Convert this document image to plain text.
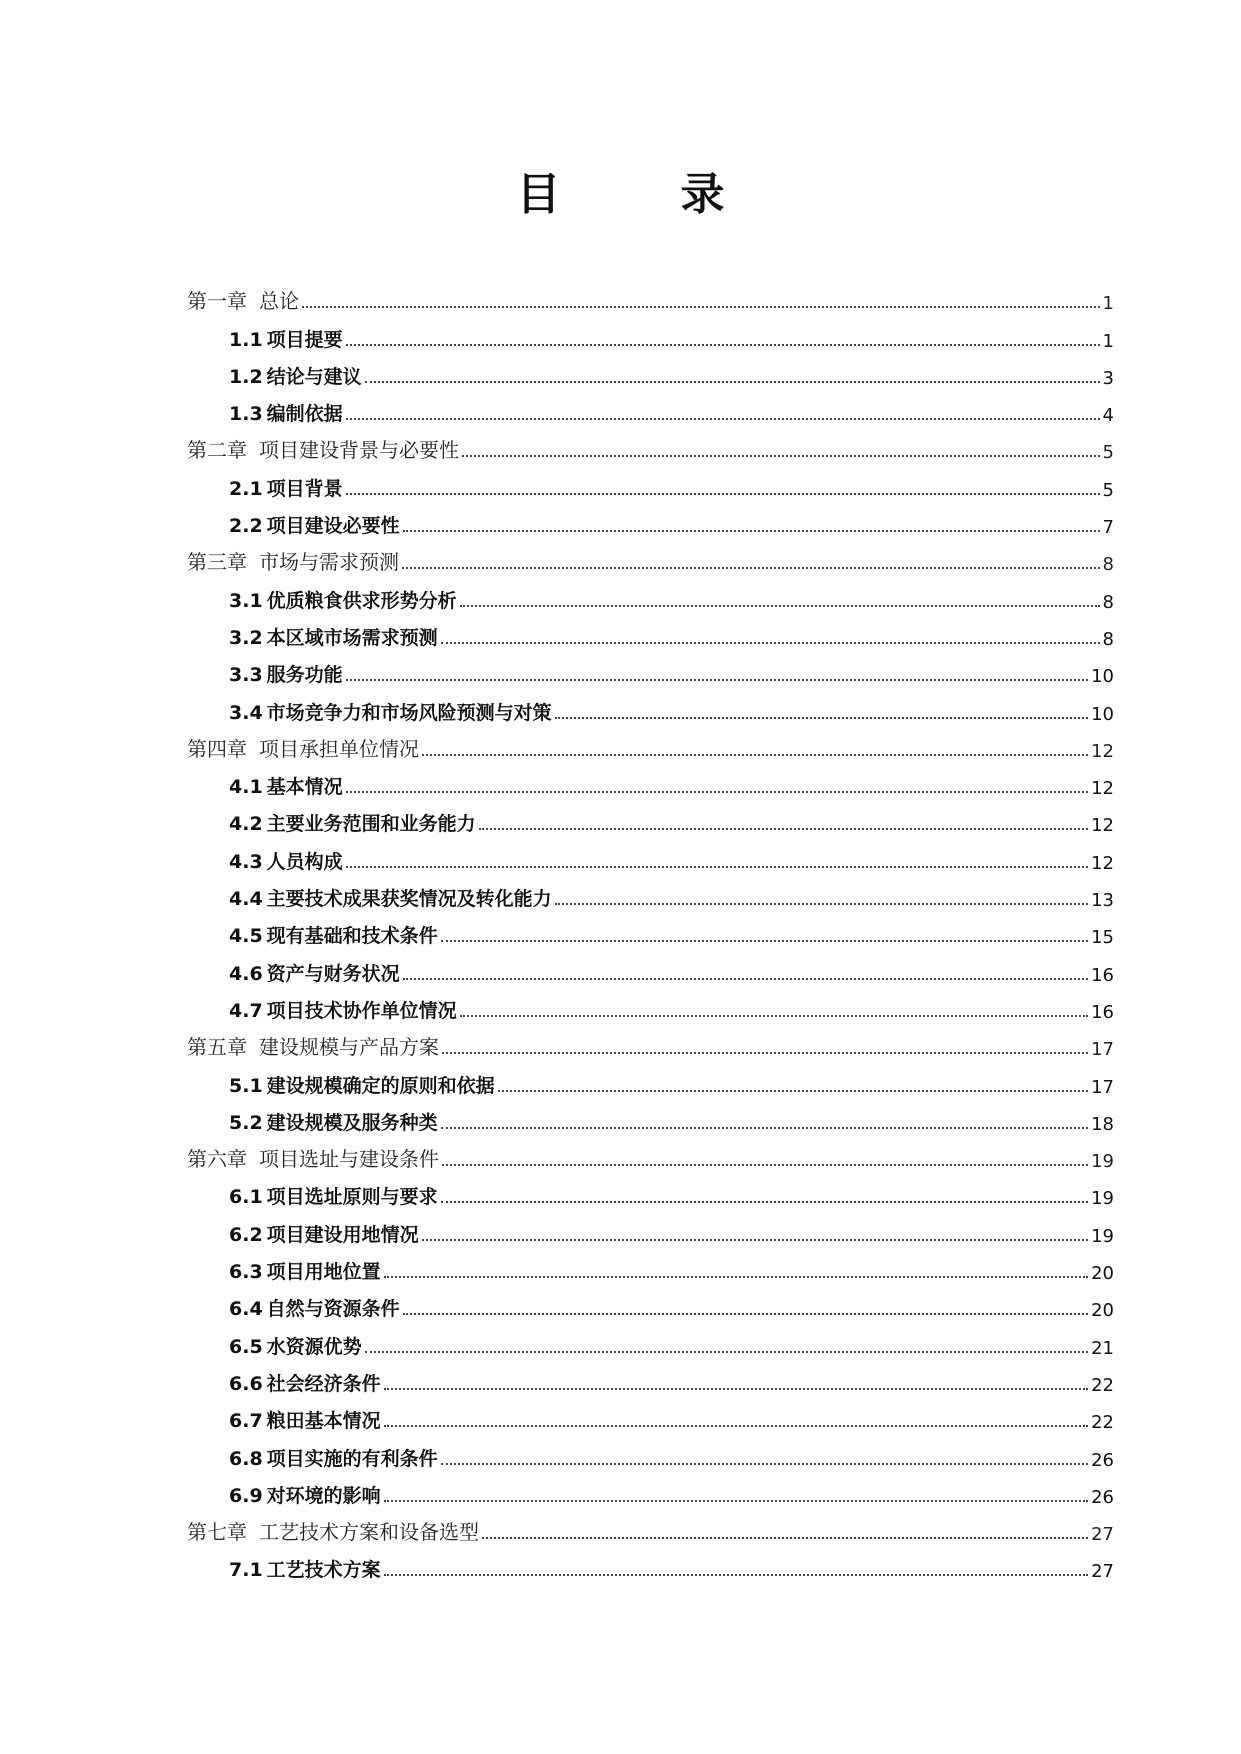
目	录
第一章 总论	1
1.1 项目提要	1
1.2 结论与建议	3
1.3 编制依据	4
第二章 项目建设背景与必要性	5
2.1 项目背景	5
2.2 项目建设必要性	7
第三章 市场与需求预测	8
3.1 优质粮食供求形势分析	8
3.2 本区域市场需求预测	8
3.3 服务功能	10
3.4 市场竞争力和市场风险预测与对策	10
第四章 项目承担单位情况	12
4.1 基本情况	12
4.2 主要业务范围和业务能力	12
4.3 人员构成	12
4.4 主要技术成果获奖情况及转化能力	13
4.5 现有基础和技术条件	15
4.6 资产与财务状况	16
4.7 项目技术协作单位情况	16
第五章 建设规模与产品方案	17
5.1 建设规模确定的原则和依据	17
5.2 建设规模及服务种类	18
第六章 项目选址与建设条件	19
6.1 项目选址原则与要求	19
6.2 项目建设用地情况	19
6.3 项目用地位置	20
6.4 自然与资源条件	20
6.5 水资源优势	21
6.6 社会经济条件	22
6.7 粮田基本情况	22
6.8 项目实施的有利条件	26
6.9 对环境的影响	26
第七章 工艺技术方案和设备选型	27
7.1 工艺技术方案	27
